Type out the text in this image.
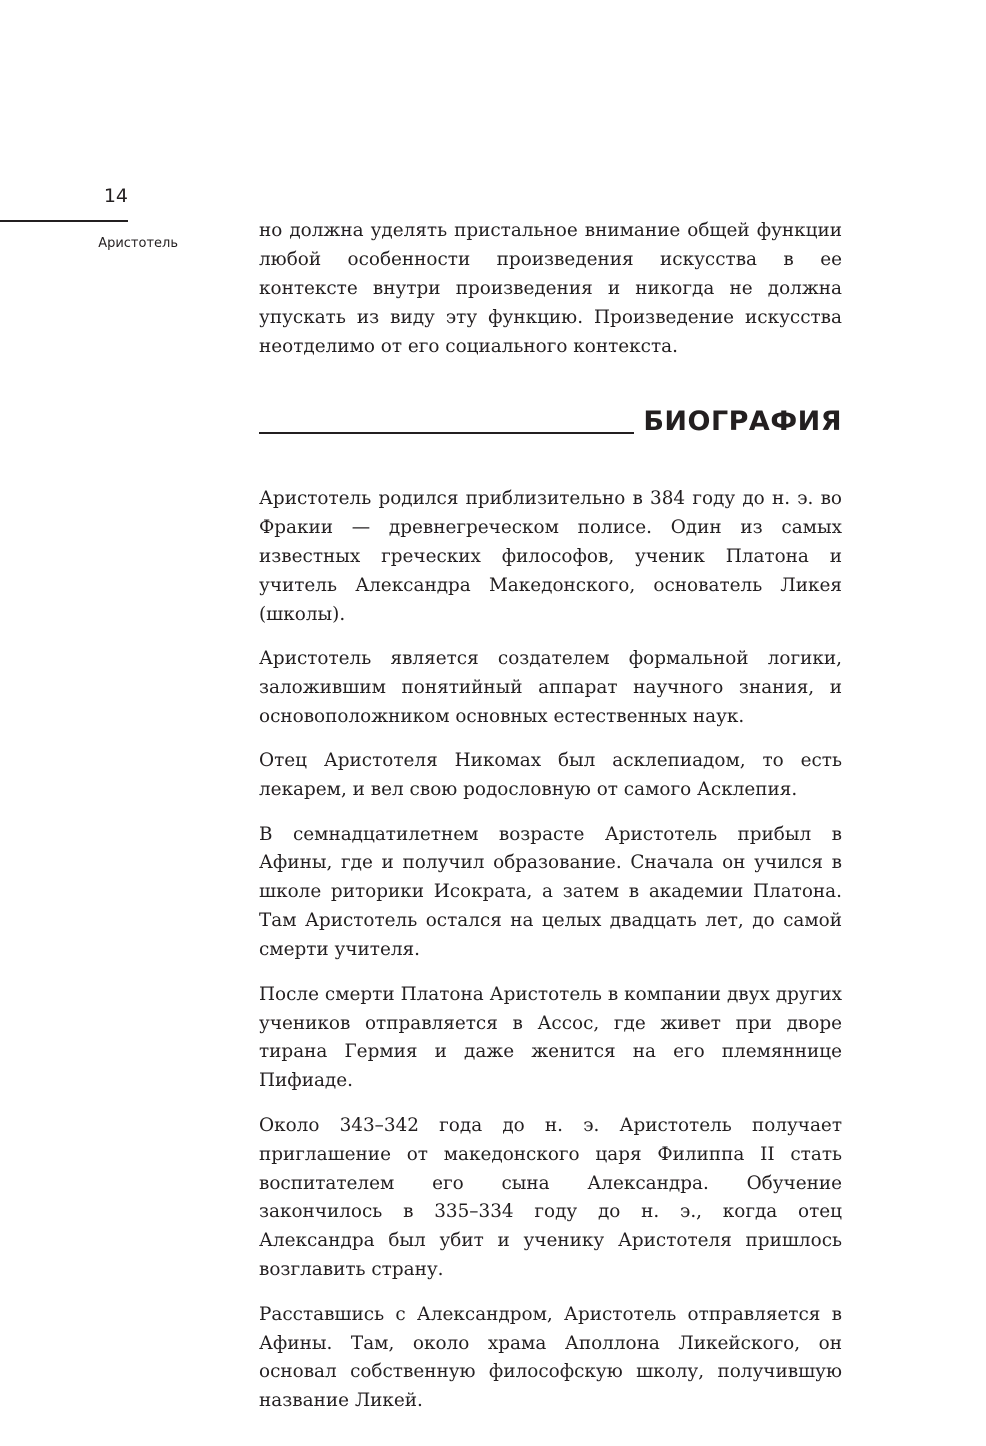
14
Аристотель

но должна уделять пристальное внимание общей функции любой особенности произведения искусства в ее контексте внутри произведения и никогда не должна упускать из виду эту функцию. Произведение искусства неотделимо от его социального контекста.

БИОГРАФИЯ

Аристотель родился приблизительно в 384 году до н. э. во Фракии — древнегреческом полисе. Один из самых известных греческих философов, ученик Платона и учитель Александра Македонского, основатель Ликея (школы).

Аристотель является создателем формальной логики, заложившим понятийный аппарат научного знания, и основоположником основных естественных наук.

Отец Аристотеля Никомах был асклепиадом, то есть лекарем, и вел свою родословную от самого Асклепия.

В семнадцатилетнем возрасте Аристотель прибыл в Афины, где и получил образование. Сначала он учился в школе риторики Исократа, а затем в академии Платона. Там Аристотель остался на целых двадцать лет, до самой смерти учителя.

После смерти Платона Аристотель в компании двух других учеников отправляется в Ассос, где живет при дворе тирана Гермия и даже женится на его племяннице Пифиаде.

Около 343–342 года до н. э. Аристотель получает приглашение от македонского царя Филиппа II стать воспитателем его сына Александра. Обучение закончилось в 335–334 году до н. э., когда отец Александра был убит и ученику Аристотеля пришлось возглавить страну.

Расставшись с Александром, Аристотель отправляется в Афины. Там, около храма Аполлона Ликейского, он основал собственную философскую школу, получившую название Ликей.
